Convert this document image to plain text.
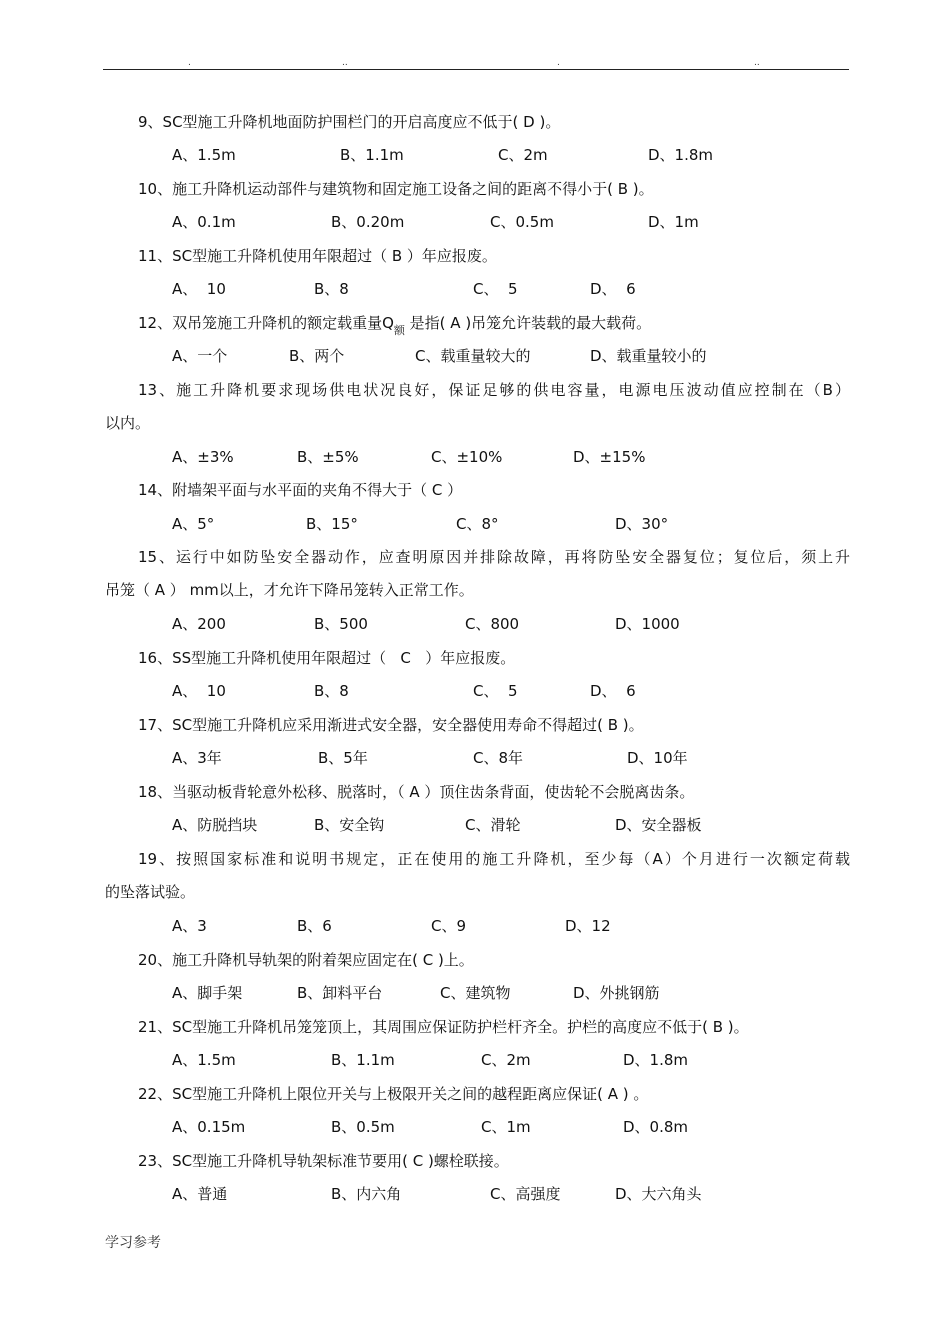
.	..	.	..
9、SC型施工升降机地面防护围栏门的开启高度应不低于( D )。
A、1.5m	B、1.1m	C、2m	D、1.8m
10、施工升降机运动部件与建筑物和固定施工设备之间的距离不得小于( B )。
A、0.1m	B、0.20m	C、0.5m	D、1m
11、SC型施工升降机使用年限超过（ B ）年应报废。
A、  10	B、8	C、  5	D、  6
12、双吊笼施工升降机的额定载重量$Q_额$ 是指( A )吊笼允许装载的最大载荷。
A、一个	B、两个	C、载重量较大的	D、载重量较小的
13、施工升降机要求现场供电状况良好，保证足够的供电容量，电源电压波动值应控制在（B）
以内。
A、±3%	B、±5%	C、±10%	D、±15%
14、附墙架平面与水平面的夹角不得大于（ C ）
A、5°	B、15°	C、8°	D、30°
15、运行中如防坠安全器动作，应查明原因并排除故障，再将防坠安全器复位；复位后，须上升
吊笼（ A ） mm以上，才允许下降吊笼转入正常工作。
A、200	B、500	C、800	D、1000
16、SS型施工升降机使用年限超过（   C   ）年应报废。
A、  10	B、8	C、  5	D、  6
17、SC型施工升降机应采用渐进式安全器，安全器使用寿命不得超过( B )。
A、3年	B、5年	C、8年	D、10年
18、当驱动板背轮意外松移、脱落时，（ A ）顶住齿条背面，使齿轮不会脱离齿条。
A、防脱挡块	B、安全钩	C、滑轮	D、安全器板
19、按照国家标准和说明书规定，正在使用的施工升降机，至少每（A）个月进行一次额定荷载
的坠落试验。
A、3	B、6	C、9	D、12
20、施工升降机导轨架的附着架应固定在( C )上。
A、脚手架	B、卸料平台	C、建筑物	D、外挑钢筋
21、SC型施工升降机吊笼笼顶上，其周围应保证防护栏杆齐全。护栏的高度应不低于( B )。
A、1.5m	B、1.1m	C、2m	D、1.8m
22、SC型施工升降机上限位开关与上极限开关之间的越程距离应保证( A ) 。
A、0.15m	B、0.5m	C、1m	D、0.8m
23、SC型施工升降机导轨架标准节要用( C )螺栓联接。
A、普通	B、内六角	C、高强度	D、大六角头
学习参考
